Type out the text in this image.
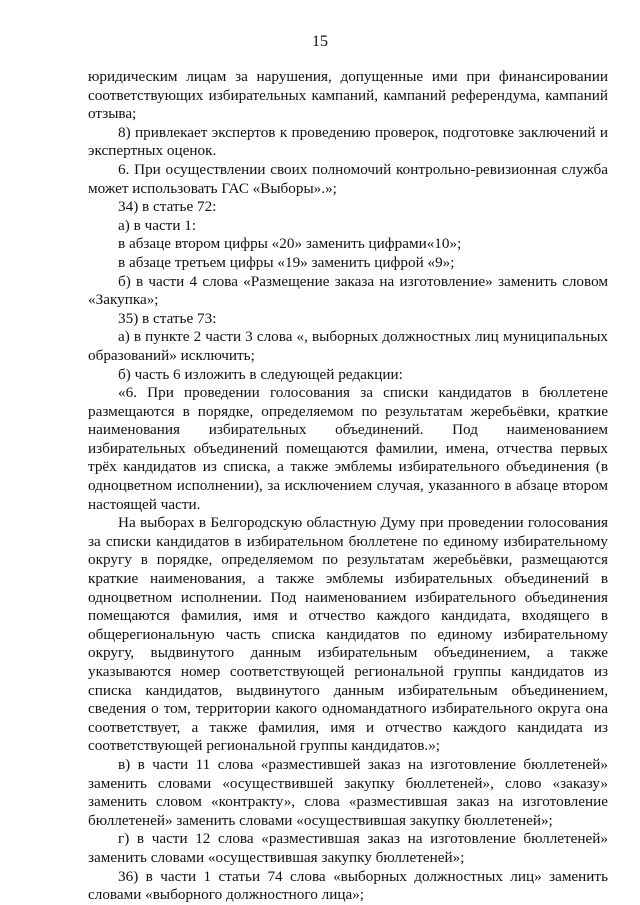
15

юридическим лицам за нарушения, допущенные ими при финансировании соответствующих избирательных кампаний, кампаний референдума, кампаний отзыва;

8) привлекает экспертов к проведению проверок, подготовке заключений и экспертных оценок.

6. При осуществлении своих полномочий контрольно-ревизионная служба может использовать ГАС «Выборы».»;

34) в статье 72:

а) в части 1:

в абзаце втором цифры «20» заменить цифрами«10»;

в абзаце третьем цифры «19» заменить цифрой «9»;

б) в части 4 слова «Размещение заказа на изготовление» заменить словом «Закупка»;

35) в статье 73:

а) в пункте 2 части 3 слова «, выборных должностных лиц муниципальных образований» исключить;

б) часть 6 изложить в следующей редакции:

«6. При проведении голосования за списки кандидатов в бюллетене размещаются в порядке, определяемом по результатам жеребьёвки, краткие наименования избирательных объединений. Под наименованием избирательных объединений помещаются фамилии, имена, отчества первых трёх кандидатов из списка, а также эмблемы избирательного объединения (в одноцветном исполнении), за исключением случая, указанного в абзаце втором настоящей части.

На выборах в Белгородскую областную Думу при проведении голосования за списки кандидатов в избирательном бюллетене по единому избирательному округу в порядке, определяемом по результатам жеребьёвки, размещаются краткие наименования, а также эмблемы избирательных объединений в одноцветном исполнении. Под наименованием избирательного объединения помещаются фамилия, имя и отчество каждого кандидата, входящего в общерегиональную часть списка кандидатов по единому избирательному округу, выдвинутого данным избирательным объединением, а также указываются номер соответствующей региональной группы кандидатов из списка кандидатов, выдвинутого данным избирательным объединением, сведения о том, территории какого одномандатного избирательного округа она соответствует, а также фамилия, имя и отчество каждого кандидата из соответствующей региональной группы кандидатов.»;

в) в части 11 слова «разместившей заказ на изготовление бюллетеней» заменить словами «осуществившей закупку бюллетеней», слово «заказу» заменить словом «контракту», слова «разместившая заказ на изготовление бюллетеней» заменить словами «осуществившая закупку бюллетеней»;

г) в части 12 слова «разместившая заказ на изготовление бюллетеней» заменить словами «осуществившая закупку бюллетеней»;

36) в части 1 статьи 74 слова «выборных должностных лиц» заменить словами «выборного должностного лица»;
